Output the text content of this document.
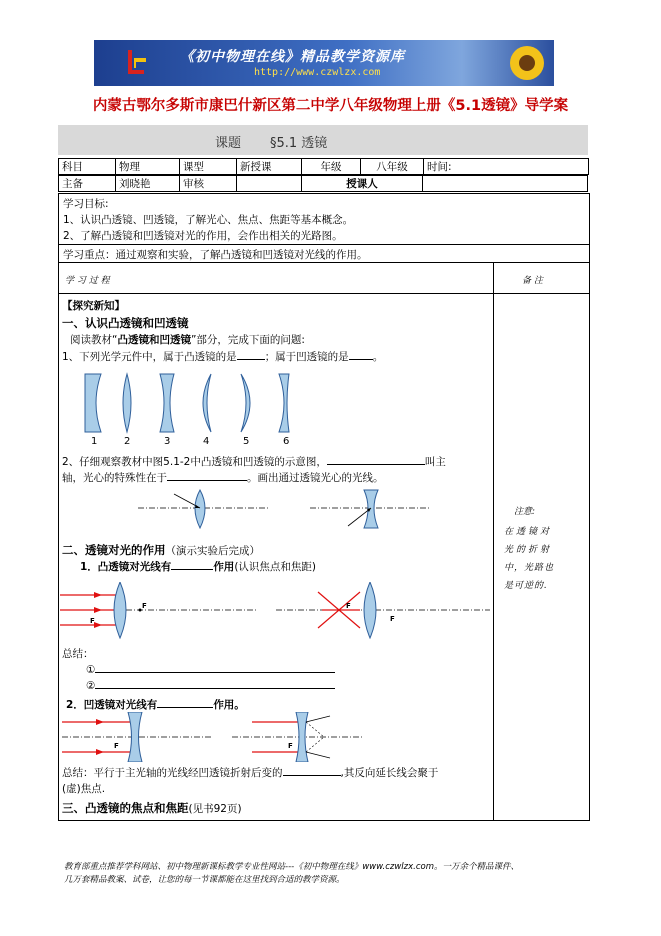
《初中物理在线》精品教学资源库
http://www.czwlzx.com
内蒙古鄂尔多斯市康巴什新区第二中学八年级物理上册《5.1透镜》导学案
课题 §5.1 透镜
科目	物理	课型	新授课	年级	八年级	时间:
主备	刘晓艳	审核		授课人	
学习目标:
1、认识凸透镜、凹透镜，了解光心、焦点、焦距等基本概念。
2、了解凸透镜和凹透镜对光的作用，会作出相关的光路图。
学习重点：通过观察和实验，了解凸透镜和凹透镜对光线的作用。
学 习 过 程	备 注
注意:
在透镜对
光的折射
中，光路也
是可逆的.
【探究新知】
一、认识凸透镜和凹透镜
阅读教材“凸透镜和凹透镜”部分，完成下面的问题:
1、下列光学元件中，属于凸透镜的是	；属于凹透镜的是 。
1	2	3	4	5	6
2、仔细观察教材中图5.1-2中凸透镜和凹透镜的示意图，	叫主
轴，光心的特殊性在于	。画出通过透镜光心的光线。
二、透镜对光的作用（演示实验后完成）
1．凸透镜对光线有	作用(认识焦点和焦距)
F
F
F
F
总结：
①
②
2．凹透镜对光线有	作用。
F	F
总结：平行于主光轴的光线经凹透镜折射后变的	,其反向延长线会聚于
(虚)焦点.
三、凸透镜的焦点和焦距(见书92页)
教育部重点推荐学科网站、初中物理新课标教学专业性网站---《初中物理在线》www.czwlzx.com。一万余个精品课件、
几万套精品教案、试卷，让您的每一节课都能在这里找到合适的教学资源。
